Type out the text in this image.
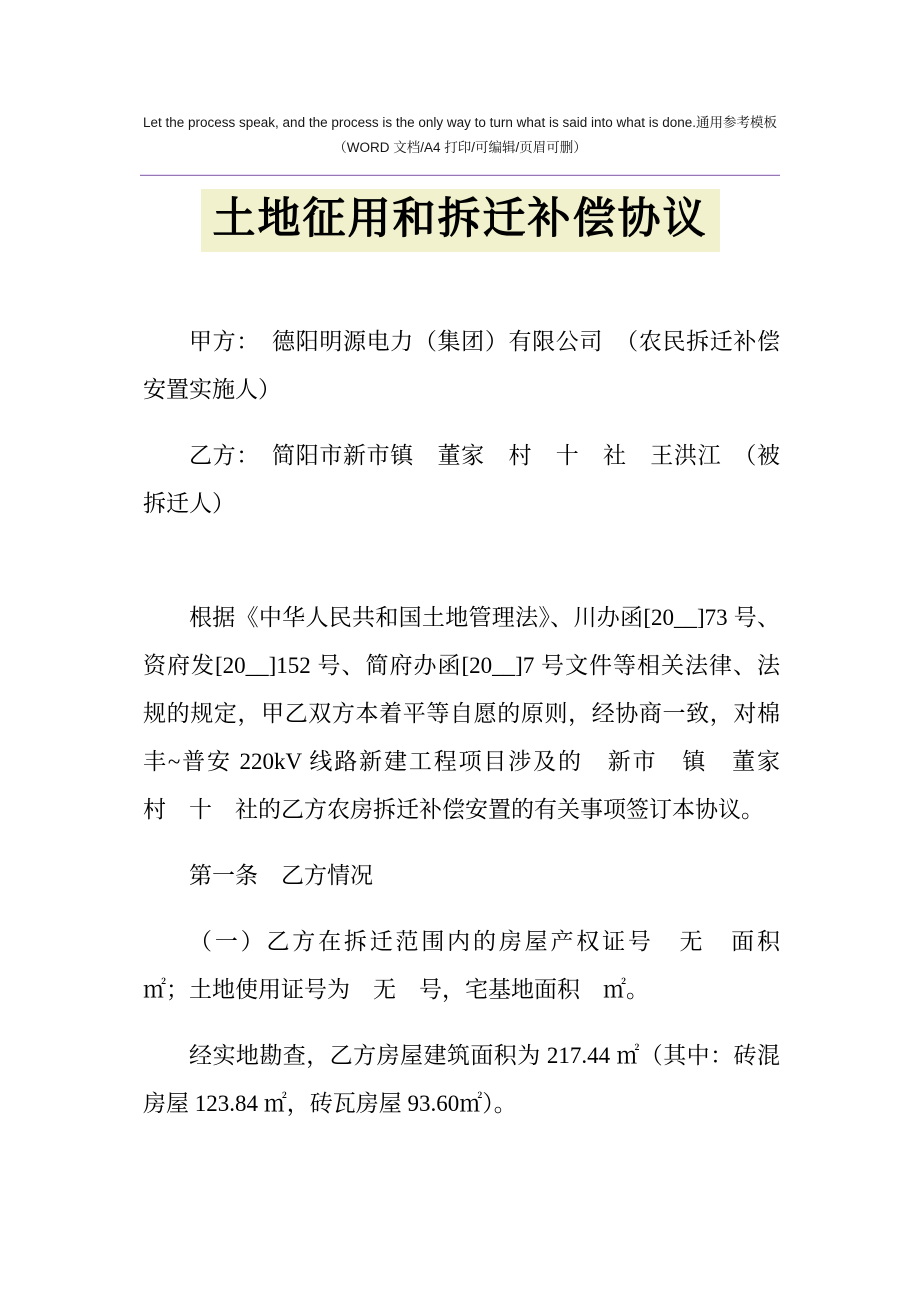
Let the process speak, and the process is the only way to turn what is said into what is done.通用参考模板
（WORD 文档/A4 打印/可编辑/页眉可删）
土地征用和拆迁补偿协议

甲方：　德阳明源电力（集团）有限公司　（农民拆迁补偿安置实施人）

乙方：　简阳市新市镇　董家　村　十　社　王洪江　（被拆迁人）

根据《中华人民共和国土地管理法》、川办函[20__]73 号、资府发[20__]152 号、简府办函[20__]7 号文件等相关法律、法规的规定，甲乙双方本着平等自愿的原则，经协商一致，对棉丰~普安 220kV 线路新建工程项目涉及的　新市　镇　董家　村　十　社的乙方农房拆迁补偿安置的有关事项签订本协议。

第一条　乙方情况

（一）乙方在拆迁范围内的房屋产权证号　无　面积　㎡；土地使用证号为　无　号，宅基地面积　㎡。

经实地勘查，乙方房屋建筑面积为 217.44 ㎡（其中：砖混房屋 123.84 ㎡，砖瓦房屋 93.60㎡）。
